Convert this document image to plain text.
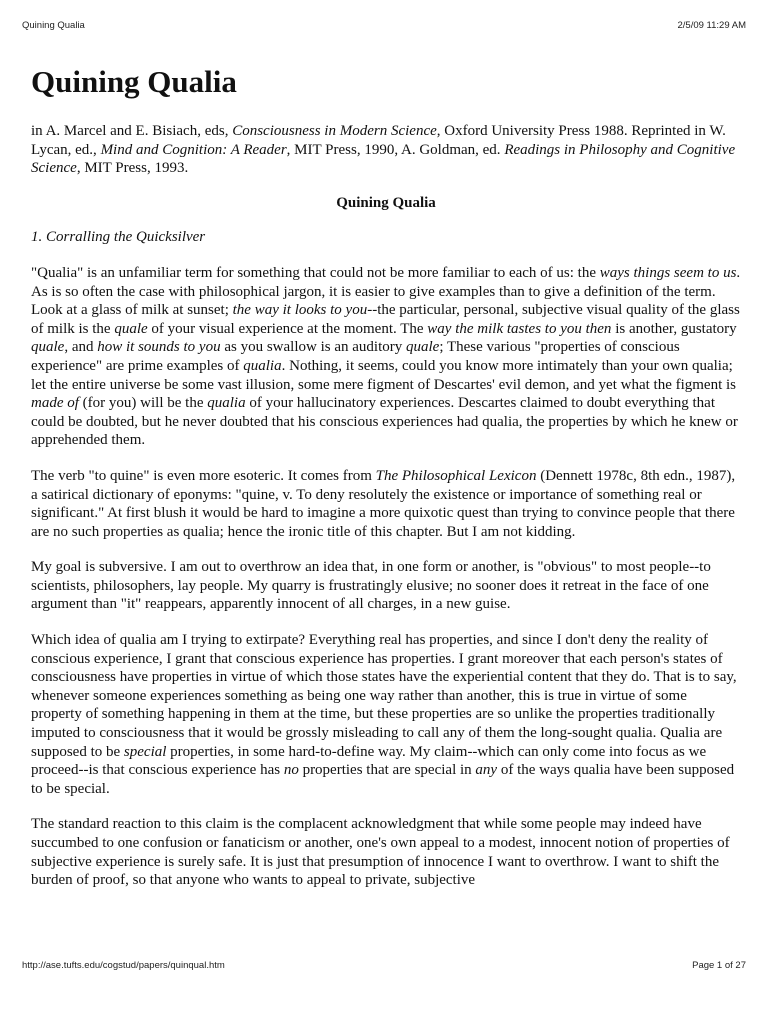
Quining Qualia	2/5/09 11:29 AM
Quining Qualia

in A. Marcel and E. Bisiach, eds, Consciousness in Modern Science, Oxford University Press 1988. Reprinted in W. Lycan, ed., Mind and Cognition: A Reader, MIT Press, 1990, A. Goldman, ed. Readings in Philosophy and Cognitive Science, MIT Press, 1993.

Quining Qualia

1. Corralling the Quicksilver

"Qualia" is an unfamiliar term for something that could not be more familiar to each of us: the ways things seem to us. As is so often the case with philosophical jargon, it is easier to give examples than to give a definition of the term. Look at a glass of milk at sunset; the way it looks to you--the particular, personal, subjective visual quality of the glass of milk is the quale of your visual experience at the moment. The way the milk tastes to you then is another, gustatory quale, and how it sounds to you as you swallow is an auditory quale; These various "properties of conscious experience" are prime examples of qualia. Nothing, it seems, could you know more intimately than your own qualia; let the entire universe be some vast illusion, some mere figment of Descartes' evil demon, and yet what the figment is made of (for you) will be the qualia of your hallucinatory experiences. Descartes claimed to doubt everything that could be doubted, but he never doubted that his conscious experiences had qualia, the properties by which he knew or apprehended them.

The verb "to quine" is even more esoteric. It comes from The Philosophical Lexicon (Dennett 1978c, 8th edn., 1987), a satirical dictionary of eponyms: "quine, v. To deny resolutely the existence or importance of something real or significant." At first blush it would be hard to imagine a more quixotic quest than trying to convince people that there are no such properties as qualia; hence the ironic title of this chapter. But I am not kidding.

My goal is subversive. I am out to overthrow an idea that, in one form or another, is "obvious" to most people--to scientists, philosophers, lay people. My quarry is frustratingly elusive; no sooner does it retreat in the face of one argument than "it" reappears, apparently innocent of all charges, in a new guise.

Which idea of qualia am I trying to extirpate? Everything real has properties, and since I don't deny the reality of conscious experience, I grant that conscious experience has properties. I grant moreover that each person's states of consciousness have properties in virtue of which those states have the experiential content that they do. That is to say, whenever someone experiences something as being one way rather than another, this is true in virtue of some property of something happening in them at the time, but these properties are so unlike the properties traditionally imputed to consciousness that it would be grossly misleading to call any of them the long-sought qualia. Qualia are supposed to be special properties, in some hard-to-define way. My claim--which can only come into focus as we proceed--is that conscious experience has no properties that are special in any of the ways qualia have been supposed to be special.

The standard reaction to this claim is the complacent acknowledgment that while some people may indeed have succumbed to one confusion or fanaticism or another, one's own appeal to a modest, innocent notion of properties of subjective experience is surely safe. It is just that presumption of innocence I want to overthrow. I want to shift the burden of proof, so that anyone who wants to appeal to private, subjective

http://ase.tufts.edu/cogstud/papers/quinqual.htm	Page 1 of 27
